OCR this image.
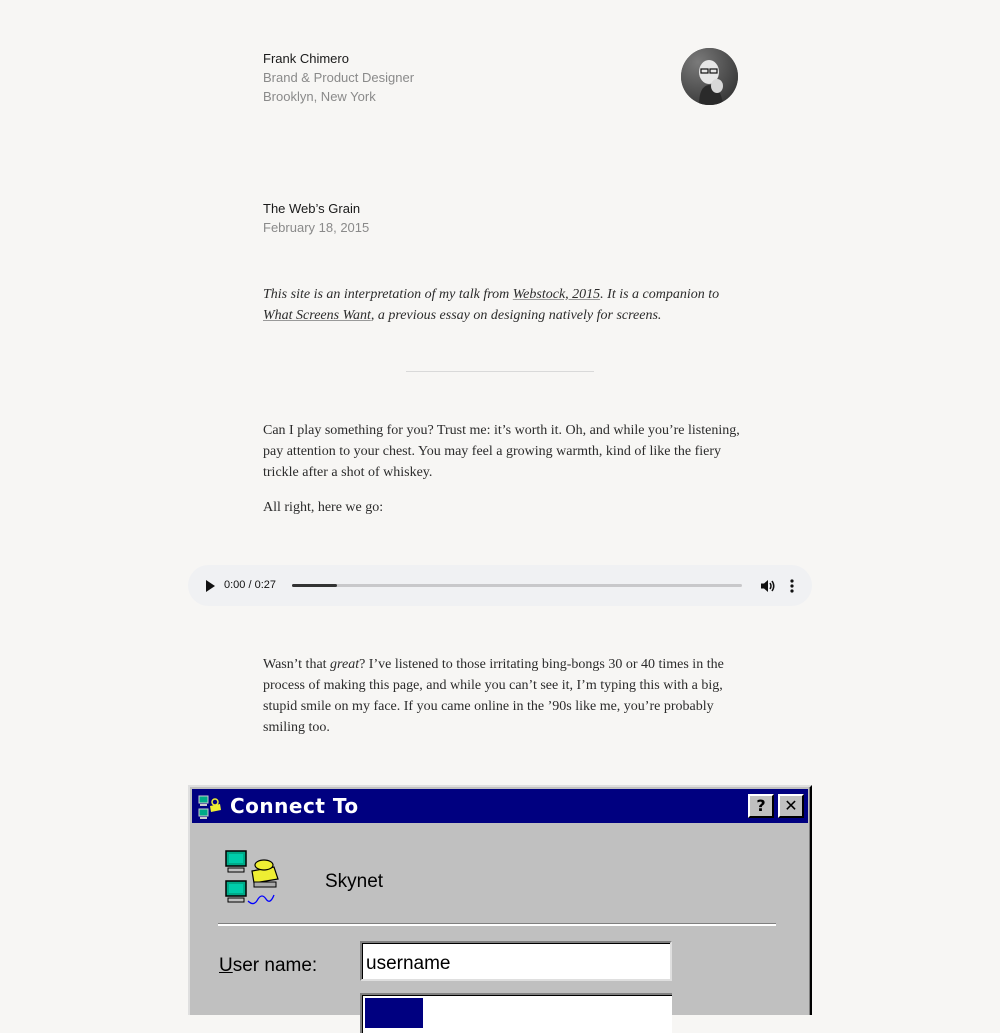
Frank Chimero
Brand & Product Designer
Brooklyn, New York
The Web’s Grain
February 18, 2015

This site is an interpretation of my talk from Webstock, 2015. It is a companion to What Screens Want, a previous essay on designing natively for screens.

Can I play something for you? Trust me: it’s worth it. Oh, and while you’re listening, pay attention to your chest. You may feel a growing warmth, kind of like the fiery trickle after a shot of whiskey.

All right, here we go:

0:00 / 0:27

Wasn’t that great? I’ve listened to those irritating bing-bongs 30 or 40 times in the process of making this page, and while you can’t see it, I’m typing this with a big, stupid smile on my face. If you came online in the ’90s like me, you’re probably smiling too.

Connect To	?	✕
Skynet
User name:
username
